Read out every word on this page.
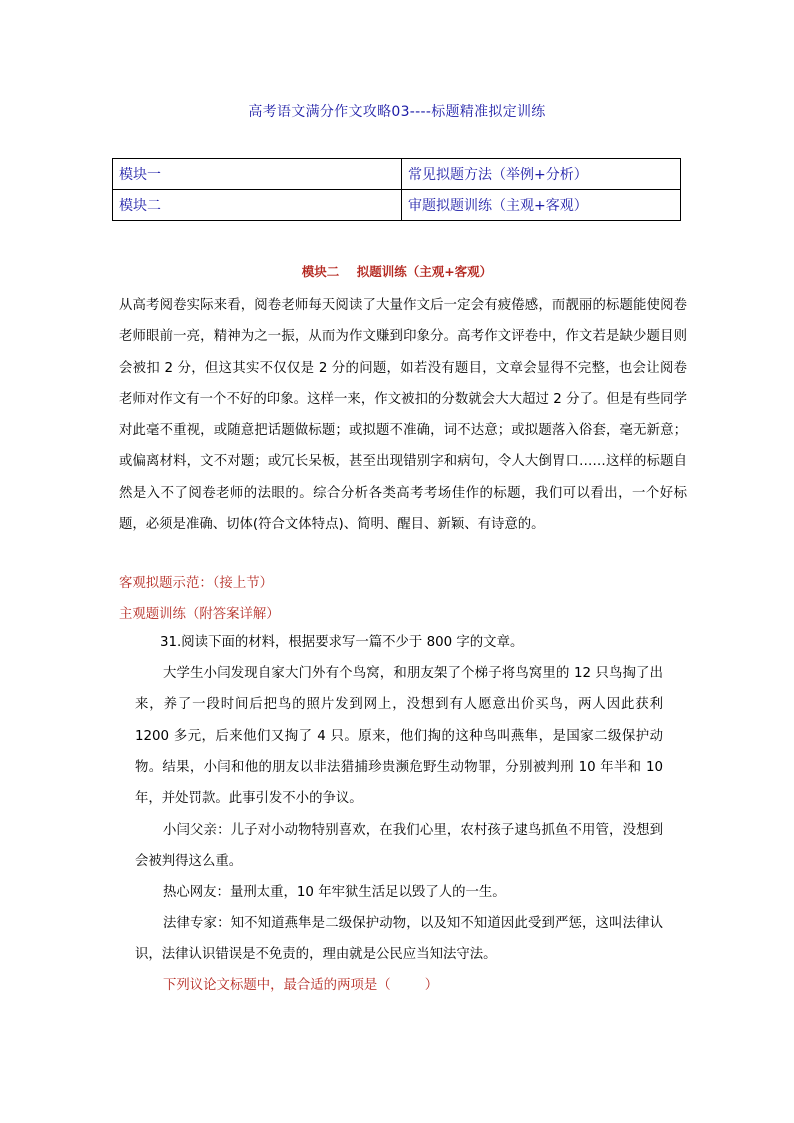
高考语文满分作文攻略03----标题精准拟定训练
模块一	常见拟题方法（举例+分析）
模块二	审题拟题训练（主观+客观）
模块二    拟题训练（主观+客观）

从高考阅卷实际来看，阅卷老师每天阅读了大量作文后一定会有疲倦感，而靓丽的标题能使阅卷老师眼前一亮，精神为之一振，从而为作文赚到印象分。高考作文评卷中，作文若是缺少题目则会被扣 2 分，但这其实不仅仅是 2 分的问题，如若没有题目，文章会显得不完整，也会让阅卷老师对作文有一个不好的印象。这样一来，作文被扣的分数就会大大超过 2 分了。但是有些同学对此毫不重视，或随意把话题做标题；或拟题不准确，词不达意；或拟题落入俗套，毫无新意；或偏离材料，文不对题；或冗长呆板，甚至出现错别字和病句，令人大倒胃口……这样的标题自然是入不了阅卷老师的法眼的。综合分析各类高考考场佳作的标题，我们可以看出，一个好标题，必须是准确、切体(符合文体特点)、简明、醒目、新颖、有诗意的。

客观拟题示范：（接上节）
主观题训练（附答案详解）

31.阅读下面的材料，根据要求写一篇不少于 800 字的文章。

大学生小闫发现自家大门外有个鸟窝，和朋友架了个梯子将鸟窝里的 12 只鸟掏了出来，养了一段时间后把鸟的照片发到网上，没想到有人愿意出价买鸟，两人因此获利 1200 多元，后来他们又掏了 4 只。原来，他们掏的这种鸟叫燕隼，是国家二级保护动物。结果，小闫和他的朋友以非法猎捕珍贵濒危野生动物罪，分别被判刑 10 年半和 10 年，并处罚款。此事引发不小的争议。

小闫父亲：儿子对小动物特别喜欢，在我们心里，农村孩子逮鸟抓鱼不用管，没想到会被判得这么重。

热心网友：量刑太重，10 年牢狱生活足以毁了人的一生。

法律专家：知不知道燕隼是二级保护动物，以及知不知道因此受到严惩，这叫法律认识，法律认识错误是不免责的，理由就是公民应当知法守法。

下列议论文标题中，最合适的两项是（        ）
